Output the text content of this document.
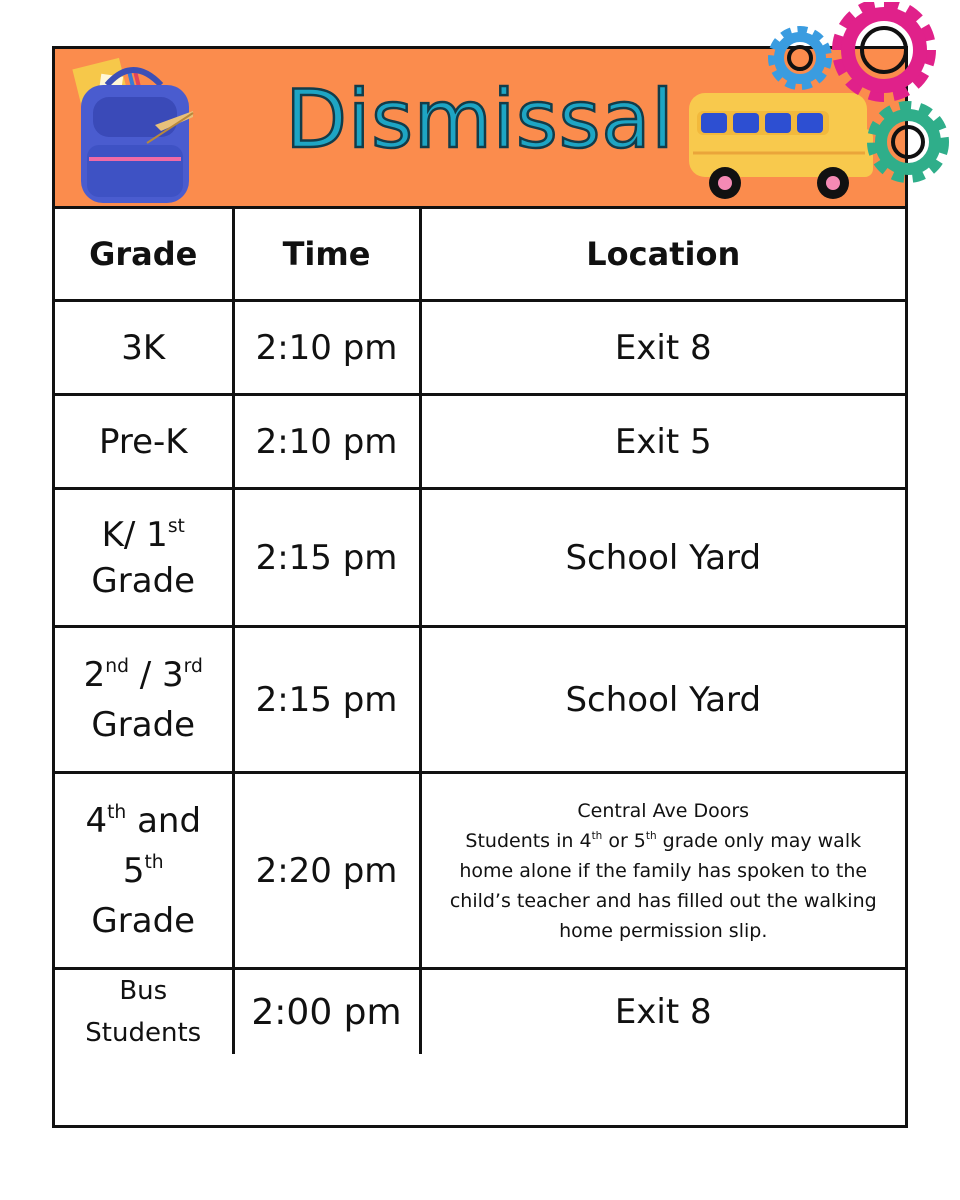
Dismissal
Grade	Time	Location
3K	2:10 pm	Exit 8
Pre-K	2:10 pm	Exit 5
K/ 1st
Grade	2:15 pm	School Yard
2nd / 3rd
Grade	2:15 pm	School Yard
4th and
5th
Grade	2:20 pm	Central Ave Doors
Students in 4th or 5th grade only may walk home alone if the family has spoken to the child’s teacher and has filled out the walking home permission slip.
Bus
Students	2:00 pm	Exit 8
